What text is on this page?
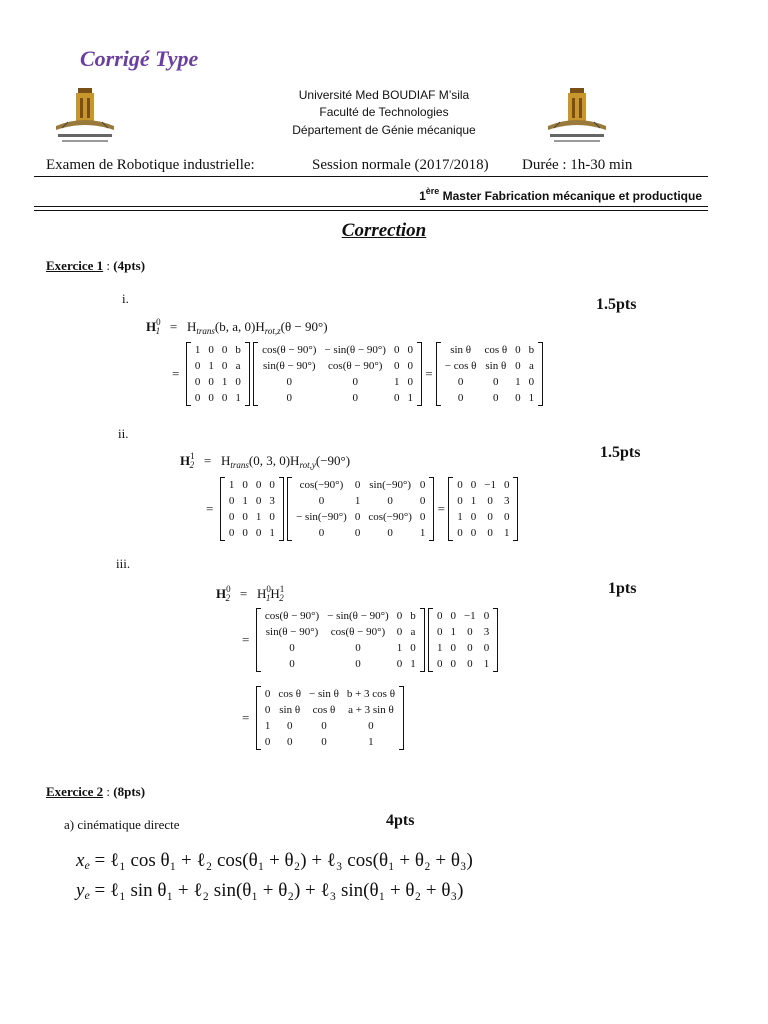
Corrigé Type
Université Med BOUDIAF M’sila
Faculté de Technologies
Département de Génie mécanique
Examen de Robotique industrielle:	Session normale (2017/2018) Durée : 1h-30 min
1ère Master Fabrication mécanique et productique
Correction
Exercice 1 : (4pts)
i.	1.5pts
$H^0_1 = H_{trans}(b$, a, $0)H_{rot,z}(\theta - 90^\circ)$
=
1	0	0	b
0	1	0	a
0	0	1	0
0	0	0	1

cos(θ − 90°)	− sin(θ − 90°)	0	0
sin(θ − 90°)	cos(θ − 90°)	0	0
0	0	1	0
0	0	0	1
=
sin θ	cos θ	0	b
− cos θ	sin θ	0	a
0	0	1	0
0	0	0	1
ii.
1.5pts
$H^1_2 = H_{trans}(0$, 3, $0)H_{rot,y}(-90^\circ)$
=
1	0	0	0
0	1	0	3
0	0	1	0
0	0	0	1

cos(−90°)	0	sin(−90°)	0
0	1	0	0
− sin(−90°)	0	cos(−90°)	0
0	0	0	1
=
0	0	−1	0
0	1	0	3
1	0	0	0
0	0	0	1
iii.
1pts
$H^0_2 = H^0_1H^1_2$
=
cos(θ − 90°)	− sin(θ − 90°)	0	b
sin(θ − 90°)	cos(θ − 90°)	0	a
0	0	1	0
0	0	0	1

0	0	−1	0
0	1	0	3
1	0	0	0
0	0	0	1
=
0	cos θ	− sin θ	b + 3 cos θ
0	sin θ	cos θ	a + 3 sin θ
1	0	0	0
0	0	0	1
Exercice 2 : (8pts)
a) cinématique directe	4pts
$x_e$ = ℓ₁ cos θ₁ + ℓ₂ cos(θ₁ + θ₂) + ℓ₃ cos(θ₁ + θ₂ + θ₃)
$y_e$ = ℓ₁ sin θ₁ + ℓ₂ sin(θ₁ + θ₂) + ℓ₃ sin(θ₁ + θ₂ + θ₃)
